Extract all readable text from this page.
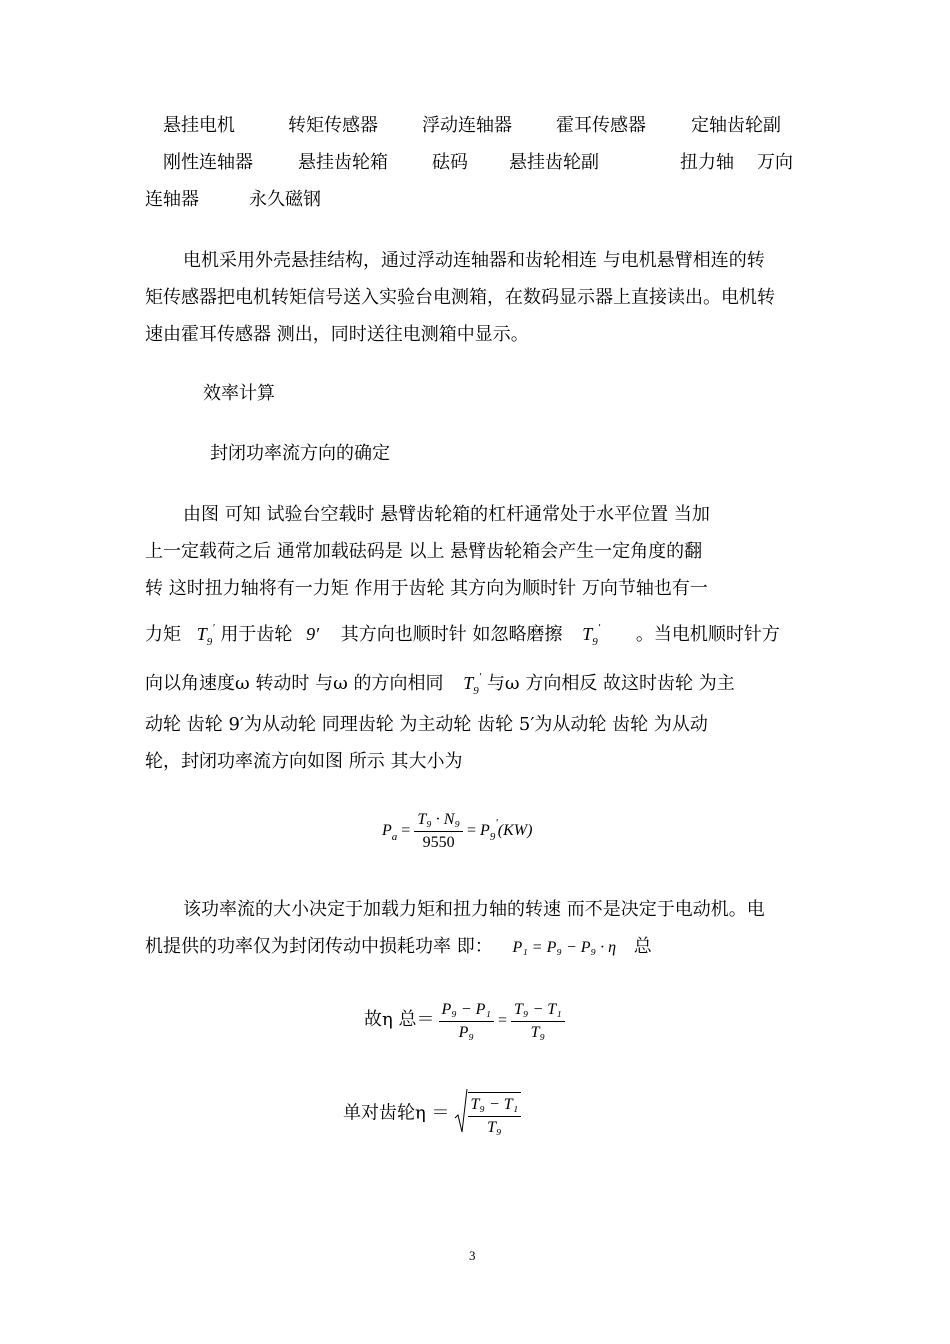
悬挂电机	转矩传感器 浮动连轴器 霍耳传感器	定轴齿轮副
刚性连轴器	悬挂齿轮箱 砝码 悬挂齿轮副	扭力轴 万向
连轴器	永久磁钢
电机采用外壳悬挂结构，通过浮动连轴器和齿轮相连 与电机悬臂相连的转
矩传感器把电机转矩信号送入实验台电测箱，在数码显示器上直接读出。电机转
速由霍耳传感器 测出，同时送往电测箱中显示。
效率计算
封闭功率流方向的确定
由图 可知 试验台空载时 悬臂齿轮箱的杠杆通常处于水平位置 当加
上一定载荷之后 通常加载砝码是 以上 悬臂齿轮箱会产生一定角度的翻
转 这时扭力轴将有一力矩 作用于齿轮 其方向为顺时针 万向节轴也有一
力矩 $T_9'$ 用于齿轮 9′ 其方向也顺时针 如忽略磨擦 $T_9'$ 。当电机顺时针方
向以角速度ω 转动时 与ω 的方向相同 $T_9'$ 与ω 方向相反 故这时齿轮 为主
动轮 齿轮 9′为从动轮 同理齿轮 为主动轮 齿轮 5′为从动轮 齿轮 为从动
轮，封闭功率流方向如图 所示 其大小为
$P_a = \frac{\text{T₉ · N₉}}{9550} = P_9'(KW)$
该功率流的大小决定于加载力矩和扭力轴的转速 而不是决定于电动机。电
机提供的功率仅为封闭传动中损耗功率 即： P₁ = P₉ − P₉ · η 总
故η 总＝ $\frac{\text{P₉ − P₁}}{\text{P₉}} = \frac{\text{T₉ − T₁}}{\text{T₉}}$
单对齿轮$\eta = \frac{\text{T₉ − T₁}}{\text{T₉}}$
3
